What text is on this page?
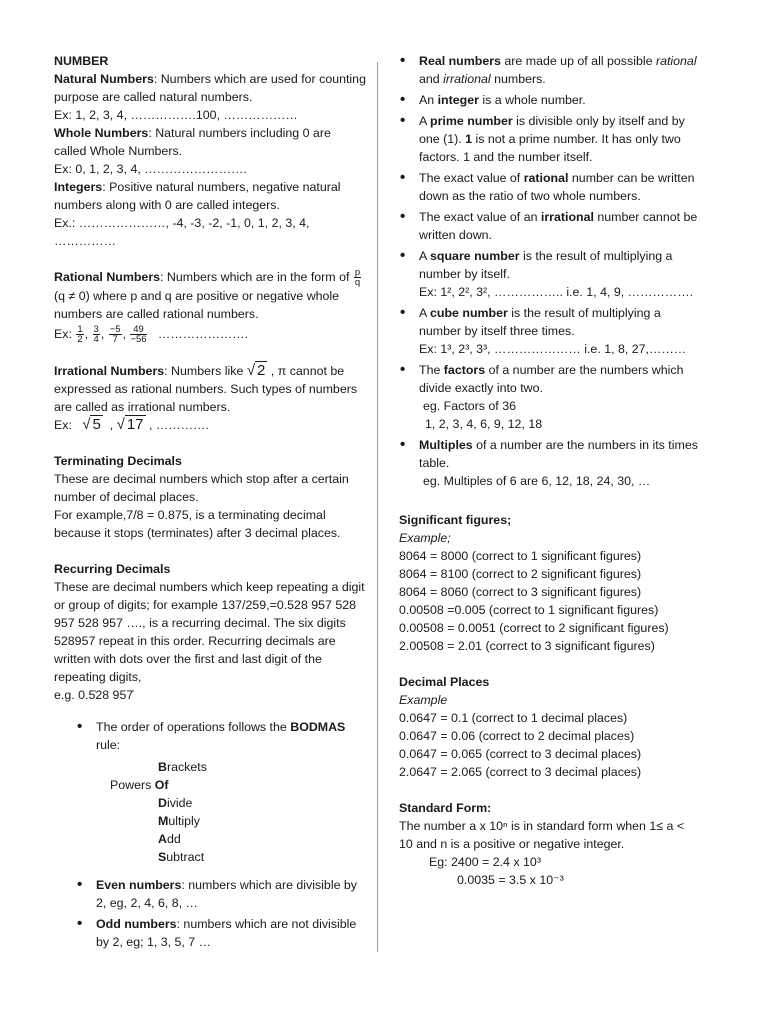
NUMBER

Natural Numbers: Numbers which are used for counting purpose are called natural numbers.

Ex: 1, 2, 3, 4, …………….100, ………………

Whole Numbers: Natural numbers including 0 are called Whole Numbers.

Ex: 0, 1, 2, 3, 4, …………………….

Integers: Positive natural numbers, negative natural numbers along with 0 are called integers.

Ex.: …………………, -4, -3, -2, -1, 0, 1, 2, 3, 4, ……………

Rational Numbers: Numbers which are in the form of $\frac{p}{q}$
(q ≠ 0) where p and q are positive or negative whole numbers are called rational numbers.

Ex: $\frac{1}{2}$ , $\frac{3}{4}$ , $\frac{-5}{7}$ , $\frac{49}{-56}$ ………………….

Irrational Numbers: Numbers like √ 2 , π cannot be expressed as rational numbers. Such types of numbers are called as irrational numbers.

Ex: √ 5  , √ 17 , ………….

Terminating Decimals

These are decimal numbers which stop after a certain number of decimal places.

For example,7/8 = 0.875, is a terminating decimal because it stops (terminates) after 3 decimal places.

Recurring Decimals

These are decimal numbers which keep repeating a digit or group of digits; for example 137/259,=0.528 957 528 957 528 957 …., is a recurring decimal. The six digits 528957 repeat in this order. Recurring decimals are written with dots over the first and last digit of the repeating digits,

e.g. 0.5̇28 957̇

• The order of operations follows the BODMAS
rule:
Brackets
Powers Of
Divide
Multiply
Add
Subtract
• Even numbers: numbers which are divisible by 2, eg, 2, 4, 6, 8, …
• Odd numbers: numbers which are not divisible by 2, eg; 1, 3, 5, 7 …
• Real numbers are made up of all possible rational and irrational numbers.
• An integer is a whole number.
• A prime number is divisible only by itself and by one (1). 1 is not a prime number. It has only two factors. 1 and the number itself.
• The exact value of rational number can be written down as the ratio of two whole numbers.
• The exact value of an irrational number cannot be written down.
• A square number is the result of multiplying a number by itself.
Ex: 1², 2², 3², …………….. i.e. 1, 4, 9, …………….
• A cube number is the result of multiplying a number by itself three times.
Ex: 1³, 2³, 3³, ………………… i.e. 1, 8, 27,………
• The factors of a number are the numbers which divide exactly into two.
eg. Factors of 36
1, 2, 3, 4, 6, 9, 12, 18
• Multiples of a number are the numbers in its times table.
eg. Multiples of 6 are 6, 12, 18, 24, 30, …

Significant figures;

Example;

8064 = 8000 (correct to 1 significant figures)

8064 = 8100 (correct to 2 significant figures)

8064 = 8060 (correct to 3 significant figures)

0.00508 =0.005 (correct to 1 significant figures)

0.00508 = 0.0051 (correct to 2 significant figures)

2.00508 = 2.01 (correct to 3 significant figures)

Decimal Places

Example

0.0647 = 0.1 (correct to 1 decimal places)

0.0647 = 0.06 (correct to 2 decimal places)

0.0647 = 0.065 (correct to 3 decimal places)

2.0647 = 2.065 (correct to 3 decimal places)

Standard Form:

The number a x 10ⁿ is in standard form when 1≤ a < 10 and n is a positive or negative integer.

Eg: 2400 = 2.4 x 10³

0.0035 = 3.5 x 10⁻³
